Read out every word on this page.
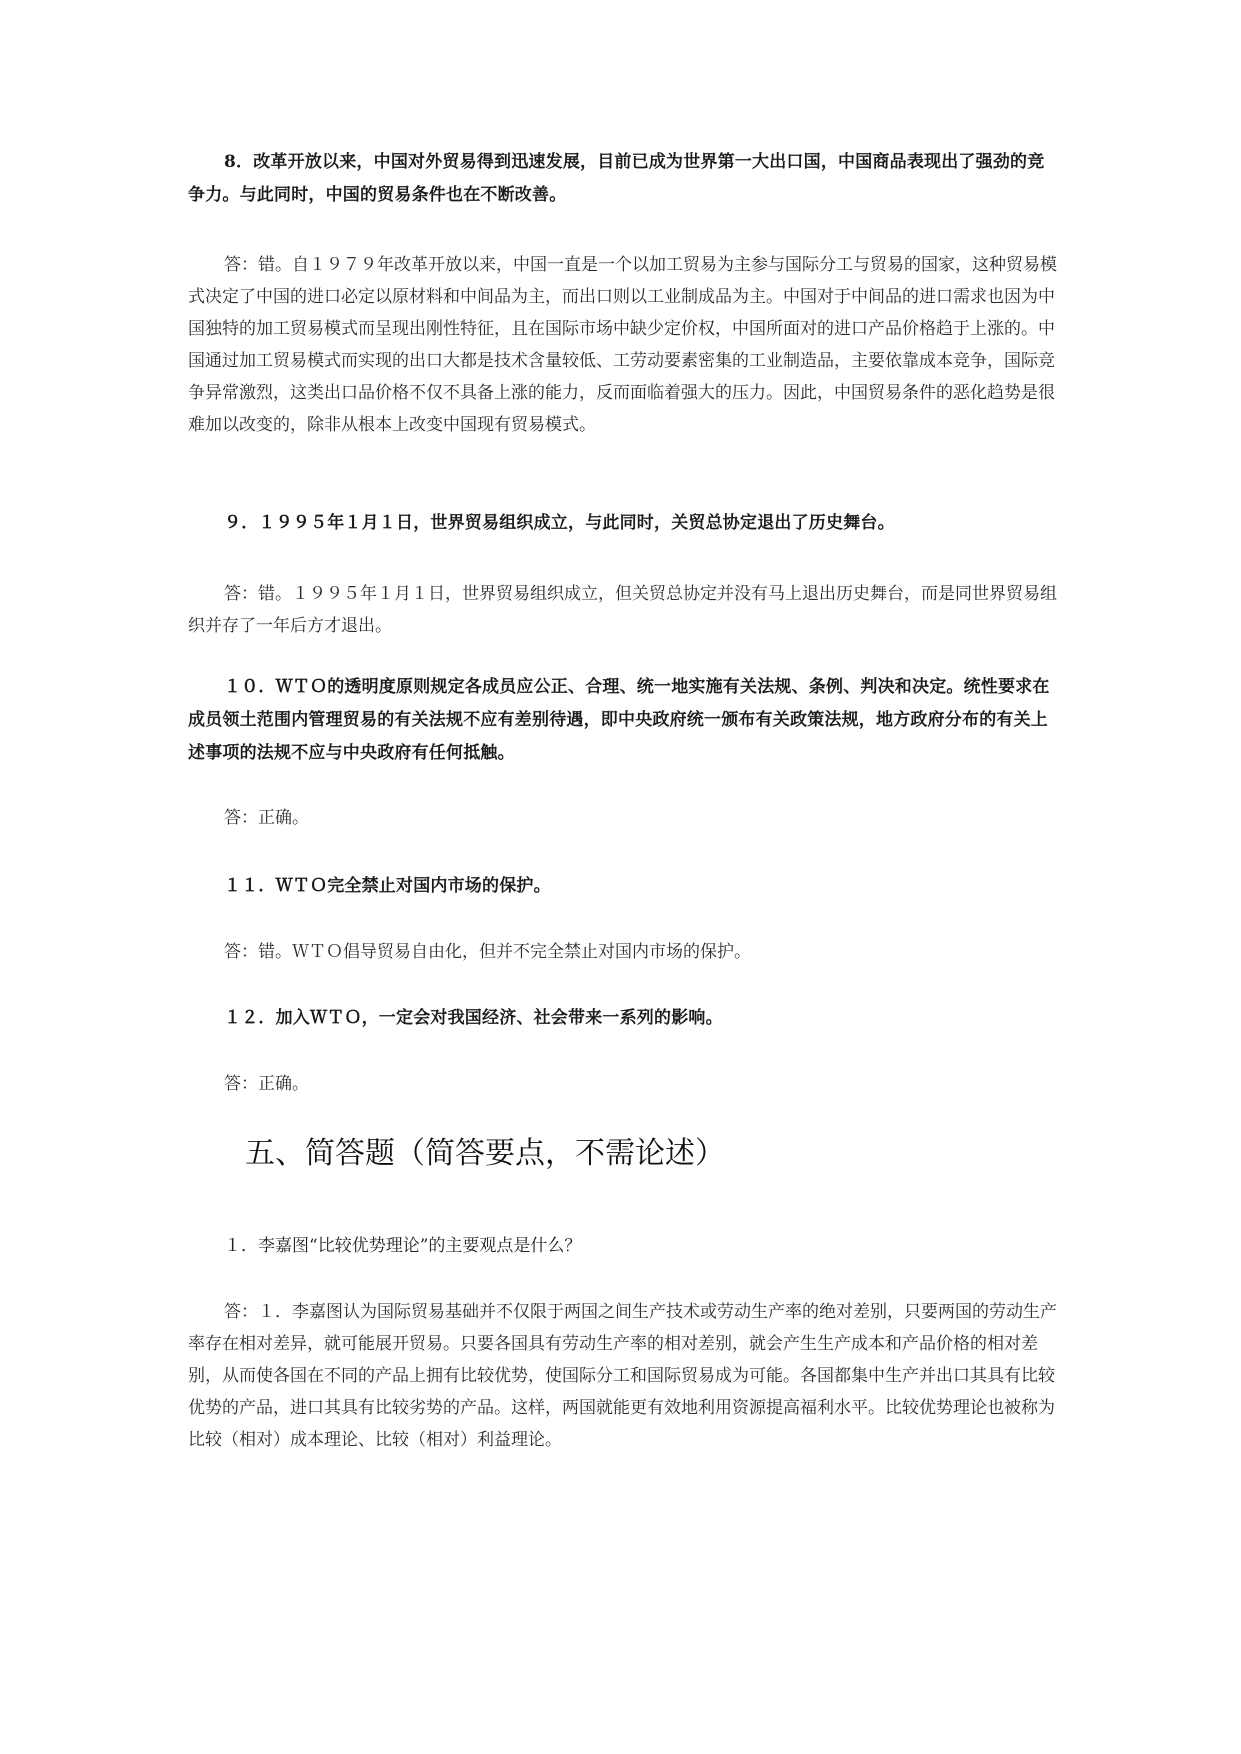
8．改革开放以来，中国对外贸易得到迅速发展，目前已成为世界第一大出口国，中国商品表现出了强劲的竞争力。与此同时，中国的贸易条件也在不断改善。

答：错。自１９７９年改革开放以来，中国一直是一个以加工贸易为主参与国际分工与贸易的国家，这种贸易模式决定了中国的进口必定以原材料和中间品为主，而出口则以工业制成品为主。中国对于中间品的进口需求也因为中国独特的加工贸易模式而呈现出刚性特征，且在国际市场中缺少定价权，中国所面对的进口产品价格趋于上涨的。中国通过加工贸易模式而实现的出口大都是技术含量较低、工劳动要素密集的工业制造品，主要依靠成本竞争，国际竞争异常激烈，这类出口品价格不仅不具备上涨的能力，反而面临着强大的压力。因此，中国贸易条件的恶化趋势是很难加以改变的，除非从根本上改变中国现有贸易模式。

９．１９９５年１月１日，世界贸易组织成立，与此同时，关贸总协定退出了历史舞台。

答：错。１９９５年１月１日，世界贸易组织成立，但关贸总协定并没有马上退出历史舞台，而是同世界贸易组织并存了一年后方才退出。

１０．ＷＴＯ的透明度原则规定各成员应公正、合理、统一地实施有关法规、条例、判决和决定。统性要求在成员领土范围内管理贸易的有关法规不应有差别待遇，即中央政府统一颁布有关政策法规，地方政府分布的有关上述事项的法规不应与中央政府有任何抵触。

答：正确。

１１．ＷＴＯ完全禁止对国内市场的保护。

答：错。ＷＴＯ倡导贸易自由化，但并不完全禁止对国内市场的保护。

１２．加入ＷＴＯ，一定会对我国经济、社会带来一系列的影响。

答：正确。

五、简答题（简答要点，不需论述）

１．李嘉图“比较优势理论”的主要观点是什么？

答：１．李嘉图认为国际贸易基础并不仅限于两国之间生产技术或劳动生产率的绝对差别，只要两国的劳动生产率存在相对差异，就可能展开贸易。只要各国具有劳动生产率的相对差别，就会产生生产成本和产品价格的相对差别，从而使各国在不同的产品上拥有比较优势，使国际分工和国际贸易成为可能。各国都集中生产并出口其具有比较优势的产品，进口其具有比较劣势的产品。这样，两国就能更有效地利用资源提高福利水平。比较优势理论也被称为比较（相对）成本理论、比较（相对）利益理论。
